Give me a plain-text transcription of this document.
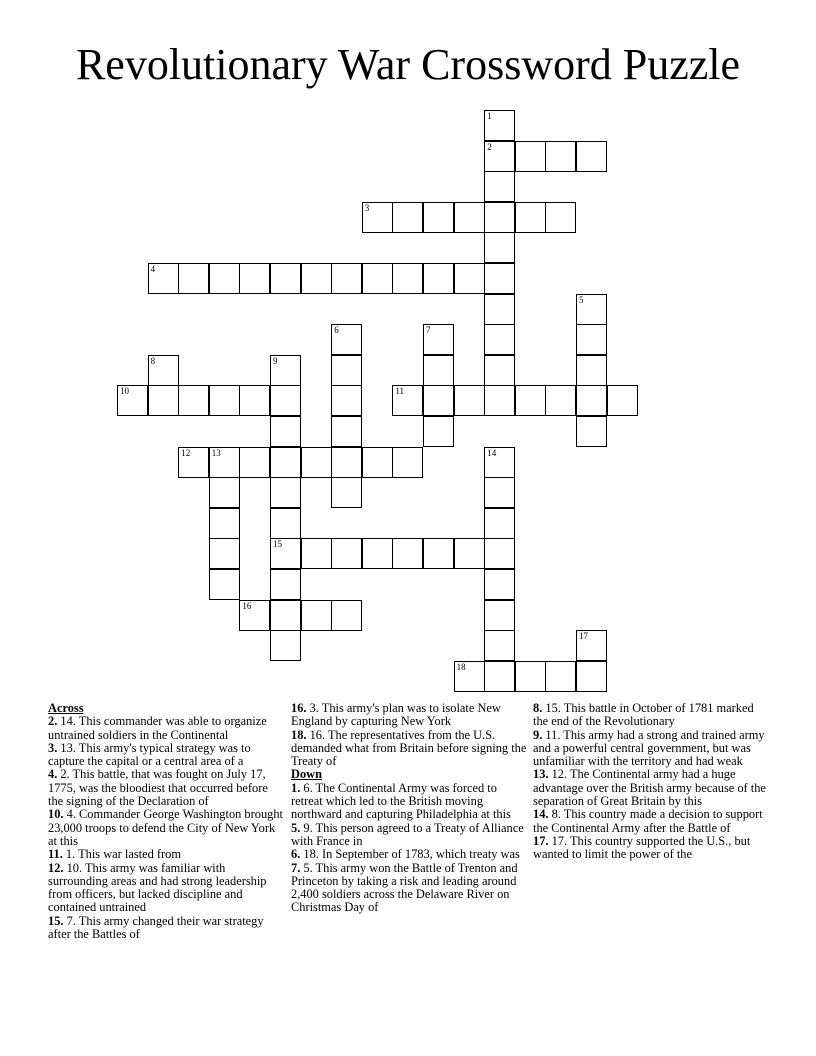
Revolutionary War Crossword Puzzle
1
2
3
4
5
6	7
8	9
15
10	11
12 13	14
16
17
18

Across

2. 14. This commander was able to organize untrained soldiers in the Continental

3. 13. This army's typical strategy was to capture the capital or a central area of a

4. 2. This battle, that was fought on July 17, 1775, was the bloodiest that occurred before the signing of the Declaration of

10. 4. Commander George Washington brought 23,000 troops to defend the City of New York at this

11. 1. This war lasted from

12. 10. This army was familiar with surrounding areas and had strong leadership from officers, but lacked discipline and contained untrained

15. 7. This army changed their war strategy after the Battles of

16. 3. This army's plan was to isolate New England by capturing New York

18. 16. The representatives from the U.S. demanded what from Britain before signing the Treaty of

Down

1. 6. The Continental Army was forced to retreat which led to the British moving northward and capturing Philadelphia at this

5. 9. This person agreed to a Treaty of Alliance with France in

6. 18. In September of 1783, which treaty was

7. 5. This army won the Battle of Trenton and Princeton by taking a risk and leading around 2,400 soldiers across the Delaware River on Christmas Day of

8. 15. This battle in October of 1781 marked the end of the Revolutionary

9. 11. This army had a strong and trained army and a powerful central government, but was unfamiliar with the territory and had weak

13. 12. The Continental army had a huge advantage over the British army because of the separation of Great Britain by this

14. 8. This country made a decision to support the Continental Army after the Battle of

17. 17. This country supported the U.S., but wanted to limit the power of the
